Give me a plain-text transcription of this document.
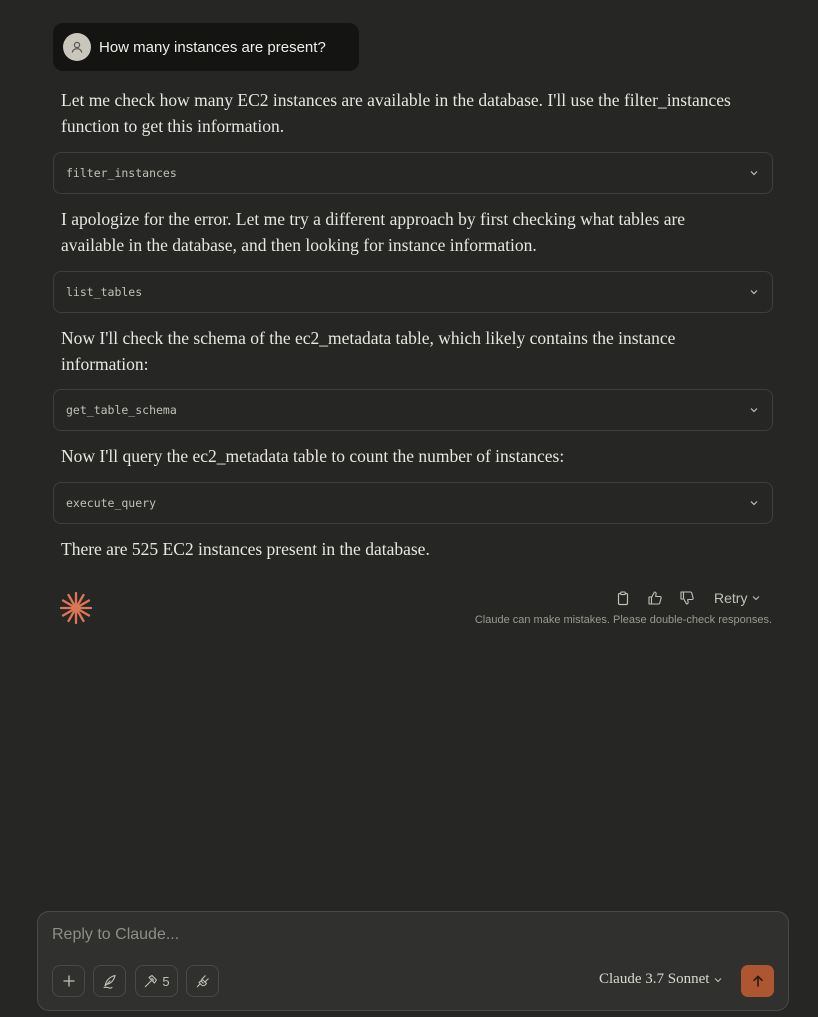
How many instances are present?
Let me check how many EC2 instances are available in the database. I'll use the filter_instances function to get this information.
filter_instances
I apologize for the error. Let me try a different approach by first checking what tables are available in the database, and then looking for instance information.
list_tables
Now I'll check the schema of the ec2_metadata table, which likely contains the instance information:
get_table_schema
Now I'll query the ec2_metadata table to count the number of instances:
execute_query
There are 525 EC2 instances present in the database.
Retry
Claude can make mistakes. Please double-check responses.
Reply to Claude...
5	Claude 3.7 Sonnet
